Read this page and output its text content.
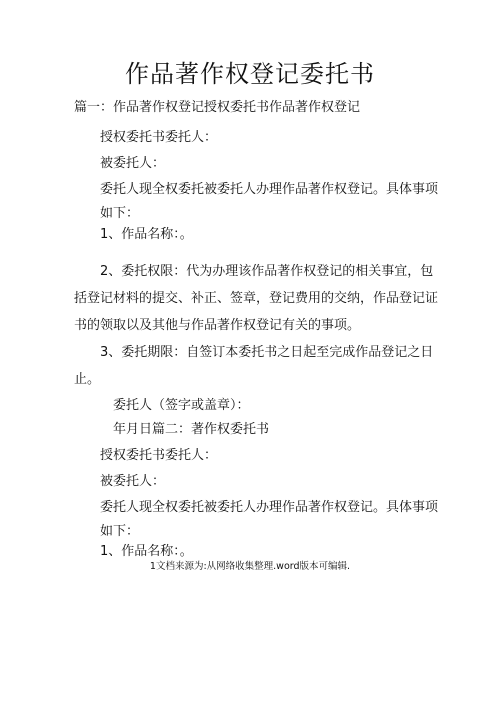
作品著作权登记委托书
篇一：作品著作权登记授权委托书作品著作权登记
授权委托书委托人：
被委托人：
委托人现全权委托被委托人办理作品著作权登记。具体事项
如下：
1、作品名称：。
2、委托权限：代为办理该作品著作权登记的相关事宜，包
括登记材料的提交、补正、签章，登记费用的交纳，作品登记证
书的领取以及其他与作品著作权登记有关的事项。
3、委托期限：自签订本委托书之日起至完成作品登记之日
止。
委托人（签字或盖章）：
年月日篇二：著作权委托书
授权委托书委托人：
被委托人：
委托人现全权委托被委托人办理作品著作权登记。具体事项
如下：
1、作品名称：。
1文档来源为:从网络收集整理.word版本可编辑.
